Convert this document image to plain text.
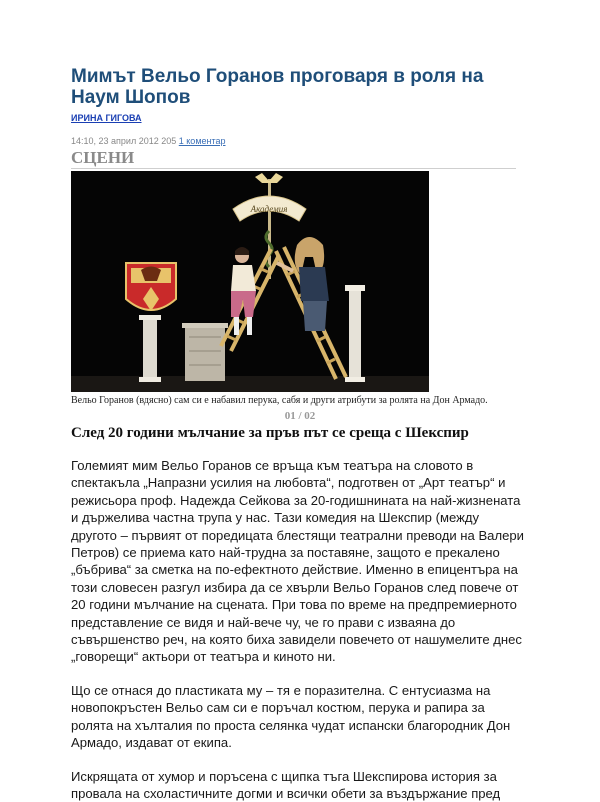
Мимът Вельо Горанов проговаря в роля на Наум Шопов
ИРИНА ГИГОВА
14:10, 23 април 2012 205 1 коментар
СЦЕНИ
Академия
Вельо Горанов (вдясно) сам си е набавил перука, сабя и други атрибути за ролята на Дон Армадо.
01 / 02
След 20 години мълчание за пръв път се среща с Шекспир

Големият мим Вельо Горанов се връща към театъра на словото в спектакъла „Напразни усилия на любовта“, подготвен от „Арт театър“ и режисьора проф. Надежда Сейкова за 20-годишнината на най-жизнената и държелива частна трупа у нас. Тази комедия на Шекспир (между другото – първият от поредицата блестящи театрални преводи на Валери Петров) се приема като най-трудна за поставяне, защото е прекалено „бъбрива“ за сметка на по-ефектното действие. Именно в епицентъра на този словесен разгул избира да се хвърли Вельо Горанов след повече от 20 години мълчание на сцената. При това по време на предпремиерното представление се видя и най-вече чу, че го прави с изваяна до съвършенство реч, на която биха завидели повечето от нашумелите днес „говорещи“ актьори от театъра и киното ни.

Що се отнася до пластиката му – тя е поразителна. С ентусиазма на новопокръстен Вельо сам си е поръчал костюм, перука и рапира за ролята на хълталия по проста селянка чудат испански благородник Дон Армадо, издават от екипа.

Искрящата от хумор и поръсена с щипка тъга Шекспирова история за провала на схоластичните догми и всички обети за въздържание пред
